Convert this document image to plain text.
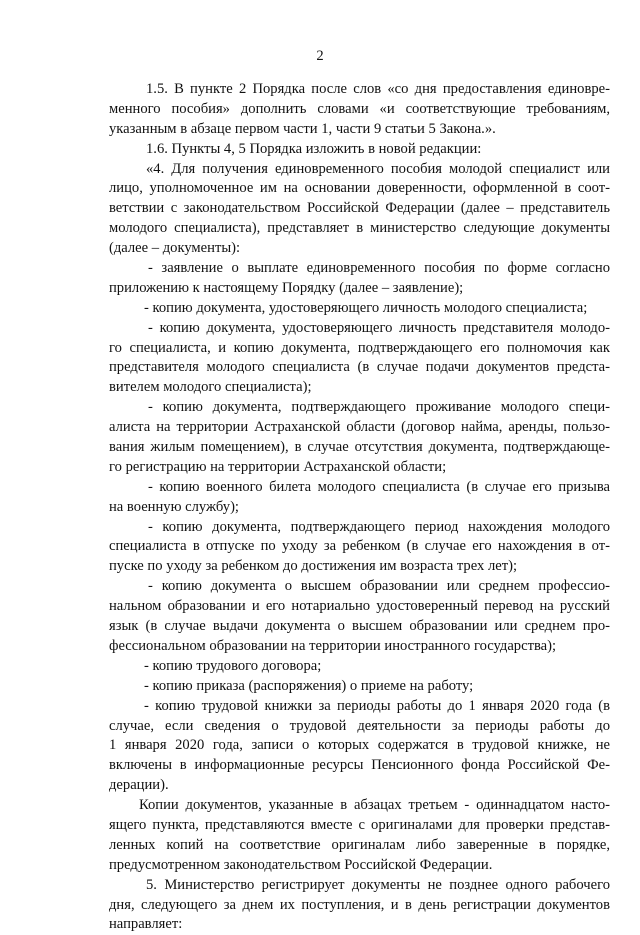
2
1.5. В пункте 2 Порядка после слов «со дня предоставления единовре-
менного пособия» дополнить словами «и соответствующие требованиям,
указанным в абзаце первом части 1, части 9 статьи 5 Закона.».
1.6. Пункты 4, 5 Порядка изложить в новой редакции:
«4. Для получения единовременного пособия молодой специалист или
лицо, уполномоченное им на основании доверенности, оформленной в соот-
ветствии с законодательством Российской Федерации (далее – представитель
молодого специалиста), представляет в министерство следующие документы
(далее – документы):
- заявление о выплате единовременного пособия по форме согласно
приложению к настоящему Порядку (далее – заявление);
- копию документа, удостоверяющего личность молодого специалиста;
- копию документа, удостоверяющего личность представителя молодо-
го специалиста, и копию документа, подтверждающего его полномочия как
представителя молодого специалиста (в случае подачи документов предста-
вителем молодого специалиста);
- копию документа, подтверждающего проживание молодого специ-
алиста на территории Астраханской области (договор найма, аренды, пользо-
вания жилым помещением), в случае отсутствия документа, подтверждающе-
го регистрацию на территории Астраханской области;
- копию военного билета молодого специалиста (в случае его призыва
на военную службу);
- копию документа, подтверждающего период нахождения молодого
специалиста в отпуске по уходу за ребенком (в случае его нахождения в от-
пуске по уходу за ребенком до достижения им возраста трех лет);
- копию документа о высшем образовании или среднем профессио-
нальном образовании и его нотариально удостоверенный перевод на русский
язык (в случае выдачи документа о высшем образовании или среднем про-
фессиональном образовании на территории иностранного государства);
- копию трудового договора;
- копию приказа (распоряжения) о приеме на работу;
- копию трудовой книжки за периоды работы до 1 января 2020 года (в
случае, если сведения о трудовой деятельности за периоды работы до
1 января 2020 года, записи о которых содержатся в трудовой книжке, не
включены в информационные ресурсы Пенсионного фонда Российской Фе-
дерации).
Копии документов, указанные в абзацах третьем - одиннадцатом насто-
ящего пункта, представляются вместе с оригиналами для проверки представ-
ленных копий на соответствие оригиналам либо заверенные в порядке,
предусмотренном законодательством Российской Федерации.
5. Министерство регистрирует документы не позднее одного рабочего
дня, следующего за днем их поступления, и в день регистрации документов
направляет:
